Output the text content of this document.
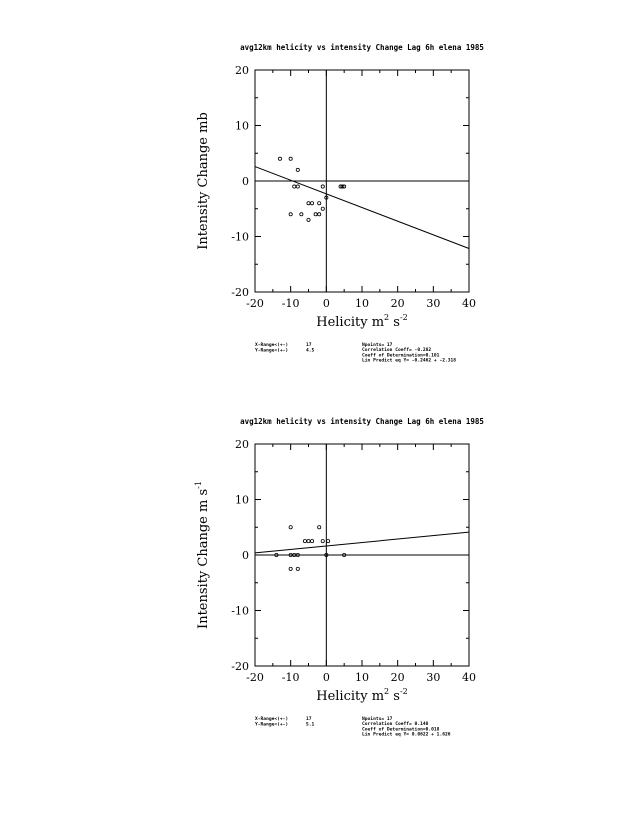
avg12km helicity vs intensity Change Lag 6h elena 1985
-20 -10 0 10 20 30 40
20
10
0
-10
-20
Helicity $m^2$ $s^{-2}$
Intensity Change mb
X-Range<(+-)	17
Y-Range<(+-)	4.5
Npoints= 17
Correlation Coeff= -0.282
Coeff of Determination=0.101
Lin Predict eq Y= -0.2462 + -2.318
avg12km helicity vs intensity Change Lag 6h elena 1985
-20 -10 0 10 20 30 40
20
10
0
-10
-20
Helicity $m^2$ $s^{-2}$
Intensity Change m $s^{-1}$
X-Range<(+-)	17
Y-Range<(+-)	5.1
Npoints= 17
Correlation Coeff= 0.148
Coeff of Determination=0.018
Lin Predict eq Y= 0.0622 + 1.626
